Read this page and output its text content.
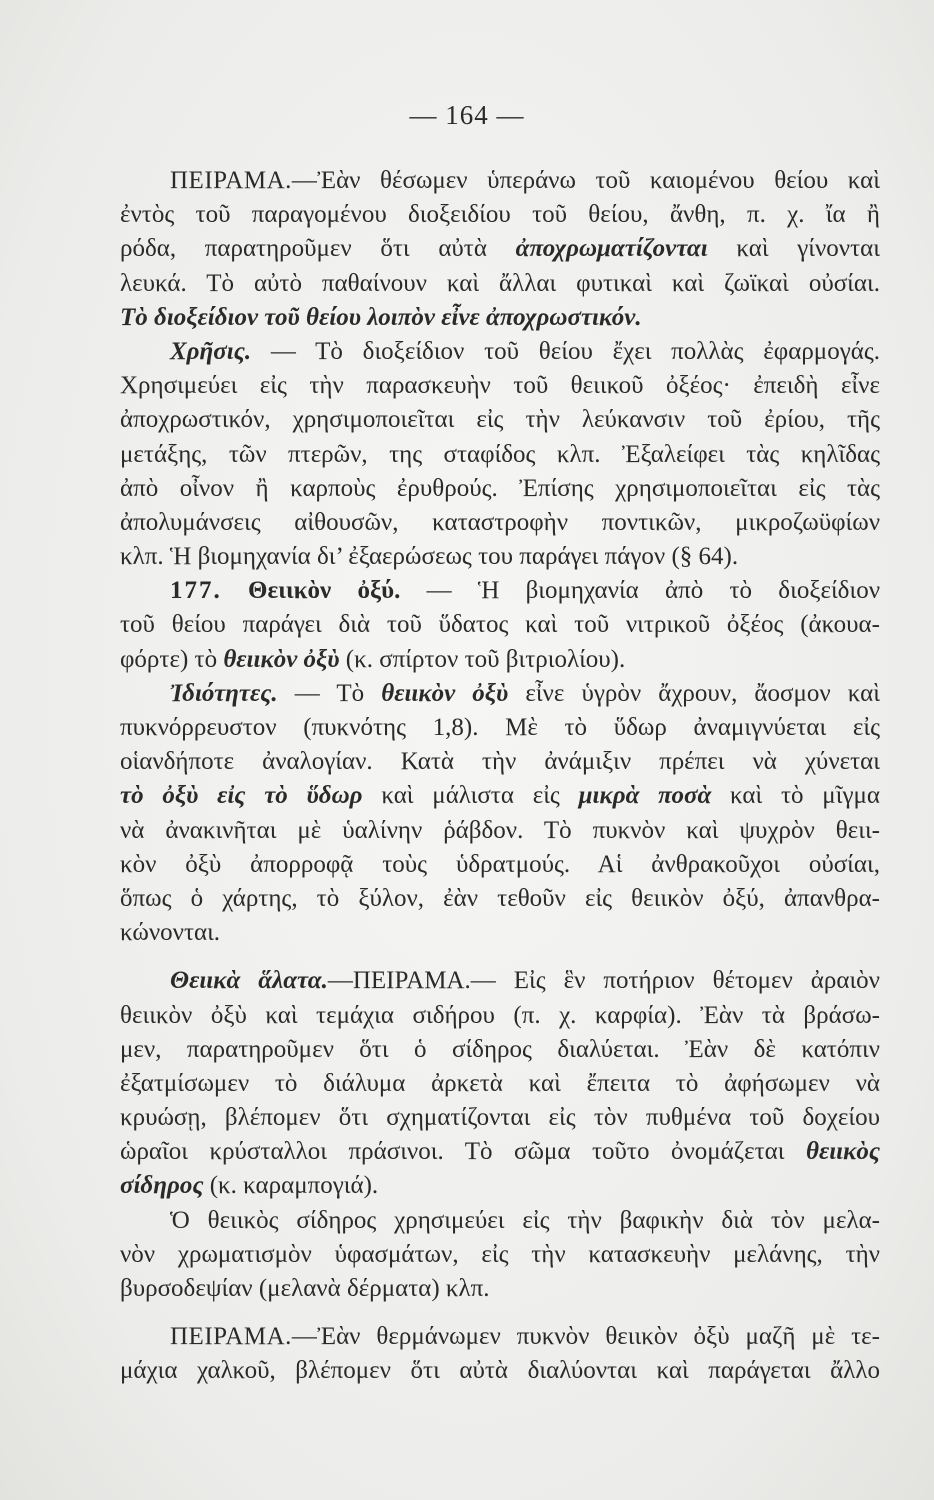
— 164 —
ΠΕΙΡΑΜΑ.—Ἐὰν θέσωμεν ὑπεράνω τοῦ καιομένου θείου καὶ
ἐντὸς τοῦ παραγομένου διοξειδίου τοῦ θείου, ἄνθη, π. χ. ἴα ἢ
ρόδα, παρατηροῦμεν ὅτι αὐτὰ ἀποχρωματίζονται καὶ γίνονται
λευκά. Τὸ αὐτὸ παθαίνουν καὶ ἄλλαι φυτικαὶ καὶ ζωϊκαὶ οὐσίαι.
Τὸ διοξείδιον τοῦ θείου λοιπὸν εἶνε ἀποχρωστικόν.
Χρῆσις. — Τὸ διοξείδιον τοῦ θείου ἔχει πολλὰς ἐφαρμογάς.
Χρησιμεύει εἰς τὴν παρασκευὴν τοῦ θειικοῦ ὀξέος· ἐπειδὴ εἶνε
ἀποχρωστικόν, χρησιμοποιεῖται εἰς τὴν λεύκανσιν τοῦ ἐρίου, τῆς
μετάξης, τῶν πτερῶν, της σταφίδος κλπ. Ἐξαλείφει τὰς κηλῖδας
ἀπὸ οἶνον ἢ καρποὺς ἐρυθρούς. Ἐπίσης χρησιμοποιεῖται εἰς τὰς
ἀπολυμάνσεις αἰθουσῶν, καταστροφὴν ποντικῶν, μικροζωϋφίων
κλπ. Ἡ βιομηχανία δι’ ἐξαερώσεως του παράγει πάγον (§ 64).
177. Θειικὸν ὀξύ. — Ἡ βιομηχανία ἀπὸ τὸ διοξείδιον
τοῦ θείου παράγει διὰ τοῦ ὕδατος καὶ τοῦ νιτρικοῦ ὀξέος (ἀκουα-
φόρτε) τὸ θειικὸν ὀξὺ (κ. σπίρτον τοῦ βιτριολίου).
Ἰδιότητες. — Τὸ θειικὸν ὀξὺ εἶνε ὑγρὸν ἄχρουν, ἄοσμον καὶ
πυκνόρρευστον (πυκνότης 1,8). Μὲ τὸ ὕδωρ ἀναμιγνύεται εἰς
οἱανδήποτε ἀναλογίαν. Κατὰ τὴν ἀνάμιξιν πρέπει νὰ χύνεται
τὸ ὀξὺ εἰς τὸ ὕδωρ καὶ μάλιστα εἰς μικρὰ ποσὰ καὶ τὸ μῖγμα
νὰ ἀνακινῆται μὲ ὑαλίνην ῥάβδον. Τὸ πυκνὸν καὶ ψυχρὸν θειι-
κὸν ὀξὺ ἀπορροφᾷ τοὺς ὑδρατμούς. Αἱ ἀνθρακοῦχοι οὐσίαι,
ὅπως ὁ χάρτης, τὸ ξύλον, ἐὰν τεθοῦν εἰς θειικὸν ὀξύ, ἀπανθρα-
κώνονται.
Θειικὰ ἅλατα.—ΠΕΙΡΑΜΑ.— Εἰς ἓν ποτήριον θέτομεν ἀραιὸν
θειικὸν ὀξὺ καὶ τεμάχια σιδήρου (π. χ. καρφία). Ἐὰν τὰ βράσω-
μεν, παρατηροῦμεν ὅτι ὁ σίδηρος διαλύεται. Ἐὰν δὲ κατόπιν
ἐξατμίσωμεν τὸ διάλυμα ἀρκετὰ καὶ ἔπειτα τὸ ἀφήσωμεν νὰ
κρυώσῃ, βλέπομεν ὅτι σχηματίζονται εἰς τὸν πυθμένα τοῦ δοχείου
ὡραῖοι κρύσταλλοι πράσινοι. Τὸ σῶμα τοῦτο ὀνομάζεται θειικὸς
σίδηρος (κ. καραμπογιά).
Ὁ θειικὸς σίδηρος χρησιμεύει εἰς τὴν βαφικὴν διὰ τὸν μελα-
νὸν χρωματισμὸν ὑφασμάτων, εἰς τὴν κατασκευὴν μελάνης, τὴν
βυρσοδεψίαν (μελανὰ δέρματα) κλπ.
ΠΕΙΡΑΜΑ.—Ἐὰν θερμάνωμεν πυκνὸν θειικὸν ὀξὺ μαζῆ μὲ τε-
μάχια χαλκοῦ, βλέπομεν ὅτι αὐτὰ διαλύονται καὶ παράγεται ἄλλο
